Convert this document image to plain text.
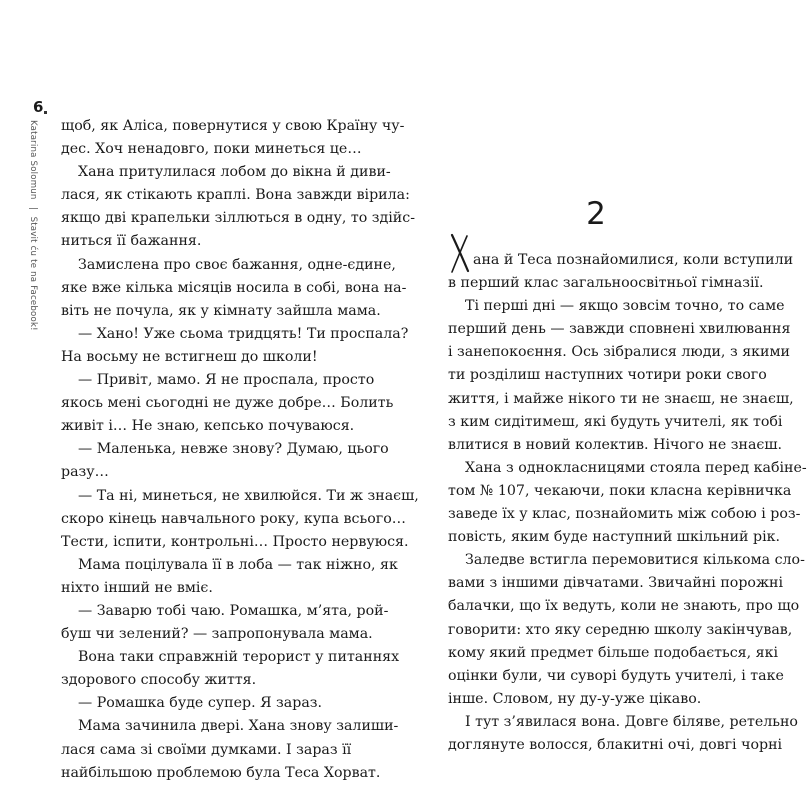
6
Katarina Solomun | Stavit ću te na Facebook!
щоб, як Аліса, повернутися у свою Країну чу-
дес. Хоч ненадовго, поки минеться це…
Хана притулилася лобом до вікна й диви-
лася, як стікають краплі. Вона завжди вірила:
якщо дві крапельки зіллються в одну, то здійс-
ниться її бажання.
Замислена про своє бажання, одне-єдине,
яке вже кілька місяців носила в собі, вона на-
віть не почула, як у кімнату зайшла мама.
— Хано! Уже сьома тридцять! Ти проспала?
На восьму не встигнеш до школи!
— Привіт, мамо. Я не проспала, просто
якось мені сьогодні не дуже добре… Болить
живіт і… Не знаю, кепсько почуваюся.
— Маленька, невже знову? Думаю, цього
разу…
— Та ні, минеться, не хвилюйся. Ти ж знаєш,
скоро кінець навчального року, купа всього…
Тести, іспити, контрольні… Просто нервуюся.
Мама поцілувала її в лоба — так ніжно, як
ніхто інший не вміє.
— Заварю тобі чаю. Ромашка, м’ята, рой-
буш чи зелений? — запропонувала мама.
Вона таки справжній терорист у питаннях
здорового способу життя.
— Ромашка буде супер. Я зараз.
Мама зачинила двері. Хана знову залиши-
лася сама зі своїми думками. І зараз її
найбільшою проблемою була Теса Хорват.
2
ана й Теса познайомилися, коли вступили
в перший клас загальноосвітньої гімназії.
Ті перші дні — якщо зовсім точно, то саме
перший день — завжди сповнені хвилювання
і занепокоєння. Ось зібралися люди, з якими
ти розділиш наступних чотири роки свого
життя, і майже нікого ти не знаєш, не знаєш,
з ким сидітимеш, які будуть учителі, як тобі
влитися в новий колектив. Нічого не знаєш.
Хана з однокласницями стояла перед кабіне-
том № 107, чекаючи, поки класна керівничка
заведе їх у клас, познайомить між собою і роз-
повість, яким буде наступний шкільний рік.
Заледве встигла перемовитися кількома сло-
вами з іншими дівчатами. Звичайні порожні
балачки, що їх ведуть, коли не знають, про що
говорити: хто яку середню школу закінчував,
кому який предмет більше подобається, які
оцінки були, чи суворі будуть учителі, і таке
інше. Словом, ну ду-у-уже цікаво.
І тут з’явилася вона. Довге біляве, ретельно
доглянуте волосся, блакитні очі, довгі чорні
